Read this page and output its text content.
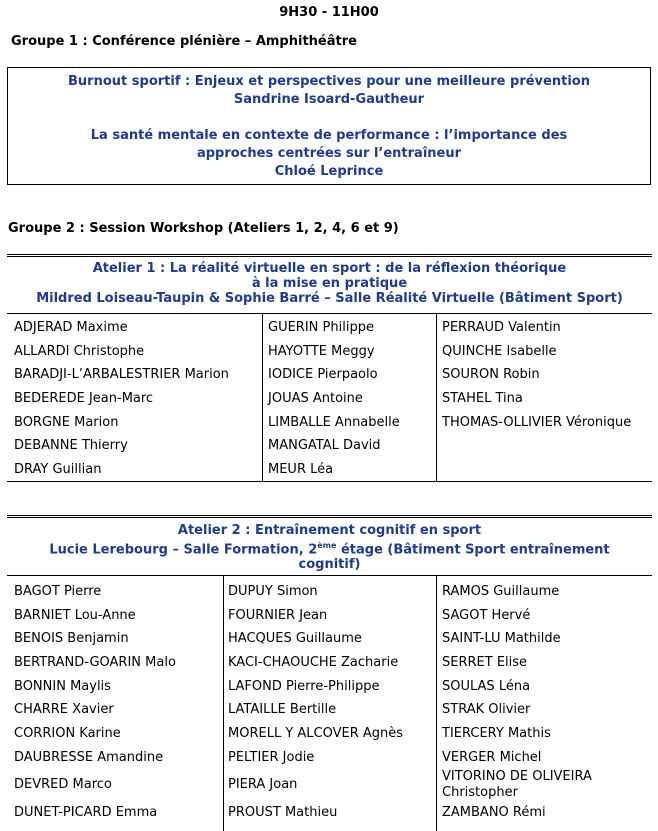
9H30 - 11H00
Groupe 1 : Conférence plénière – Amphithéâtre
Burnout sportif : Enjeux et perspectives pour une meilleure prévention
Sandrine Isoard-Gautheur
La santé mentale en contexte de performance : l’importance des
approches centrées sur l’entraîneur
Chloé Leprince
Groupe 2 : Session Workshop (Ateliers 1, 2, 4, 6 et 9)
Atelier 1 : La réalité virtuelle en sport : de la réflexion théorique
à la mise en pratique
Mildred Loiseau-Taupin & Sophie Barré – Salle Réalité Virtuelle (Bâtiment Sport)
ADJERAD Maxime
ALLARDI Christophe
BARADJI-L’ARBALESTRIER Marion
BEDEREDE Jean-Marc
BORGNE Marion
DEBANNE Thierry
DRAY Guillian
GUERIN Philippe
HAYOTTE Meggy
IODICE Pierpaolo
JOUAS Antoine
LIMBALLE Annabelle
MANGATAL David
MEUR Léa
PERRAUD Valentin
QUINCHE Isabelle
SOURON Robin
STAHEL Tina
THOMAS-OLLIVIER Véronique
Atelier 2 : Entraînement cognitif en sport
Lucie Lerebourg – Salle Formation, 2ème étage (Bâtiment Sport entraînement
cognitif)
BAGOT Pierre
BARNIET Lou-Anne
BENOIS Benjamin
BERTRAND-GOARIN Malo
BONNIN Maylis
CHARRE Xavier
CORRION Karine
DAUBRESSE Amandine
DEVRED Marco
DUNET-PICARD Emma
DUPUY Simon
FOURNIER Jean
HACQUES Guillaume
KACI-CHAOUCHE Zacharie
LAFOND Pierre-Philippe
LATAILLE Bertille
MORELL Y ALCOVER Agnès
PELTIER Jodie
PIERA Joan
PROUST Mathieu
RAMOS Guillaume
SAGOT Hervé
SAINT-LU Mathilde
SERRET Elise
SOULAS Léna
STRAK Olivier
TIERCERY Mathis
VERGER Michel
VITORINO DE OLIVEIRA
ZAMBANO Rémi
Christopher
